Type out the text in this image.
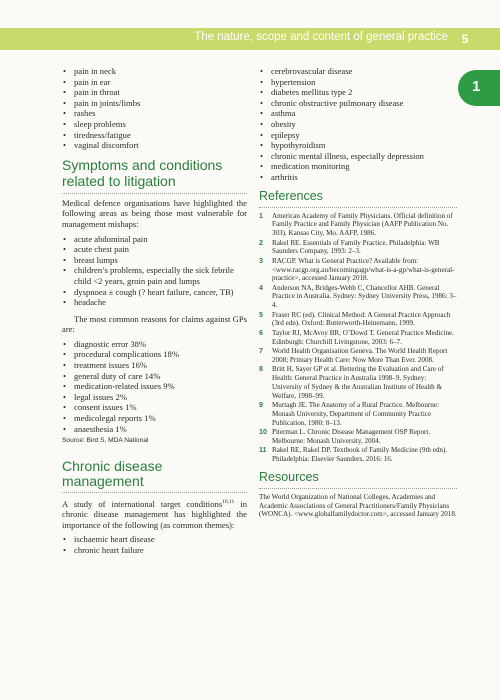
The nature, scope and content of general practice	5
1
• pain in neck
• pain in ear
• pain in throat
• pain in joints/limbs
• rashes
• sleep problems
• tiredness/fatigue
• vaginal discomfort
Symptoms and conditions
related to litigation

Medical defence organisations have highlighted the following areas as being those most vulnerable for management mishaps:

• acute abdominal pain
• acute chest pain
• breast lumps
• children’s problems, especially the sick febrile child <2 years, groin pain and lumps
• dyspnoea ± cough (? heart failure, cancer, TB)
• headache

The most common reasons for claims against GPs are:

• diagnostic error 38%
• procedural complications 18%
• treatment issues 16%
• general duty of care 14%
• medication-related issues 9%
• legal issues 2%
• consent issues 1%
• medicolegal reports 1%
• anaesthesia 1%
Source: Bird S, MDA National
Chronic disease management

A study of international target conditions$^{10,11}$ in chronic disease management has highlighted the importance of the following (as common themes):

• ischaemic heart disease
• chronic heart failure
• cerebrovascular disease
• hypertension
• diabetes mellitus type 2
• chronic obstructive pulmonary disease
• asthma
• obesity
• epilepsy
• hypothyroidism
• chronic mental illness, especially depression
• medication monitoring
• arthritis
References
1	American Academy of Family Physicians. Official definition of Family Practice and Family Physician (AAFP Publication No. 303). Kansas City, Mo. AAFP, 1986.
2	Rakel RE. Essentials of Family Practice. Philadelphia: WB Saunders Company, 1993: 2–3.
3	RACGP. What is General Practice? Available from: <www.racgp.org.au/becomingagp/what-is-a-gp/what-is-general-practice>, accessed January 2018.
4	Anderson NA, Bridges-Webb C, Chancellor AHB. General Practice in Australia. Sydney: Sydney University Press, 1986: 3–4.
5	Fraser RC (ed). Clinical Method: A General Practice Approach (3rd edn). Oxford: Butterworth-Heinemann, 1999.
6	Taylor RJ, McAvoy BR, O’Dowd T. General Practice Medicine. Edinburgh: Churchill Livingstone, 2003: 6–7.
7	World Health Organisation Geneva. The World Health Report 2008; Primary Health Care: Now More Than Ever. 2008.
8	Britt H, Sayer GP et al. Bettering the Evaluation and Care of Health: General Practice in Australia 1998–9. Sydney: University of Sydney & the Australian Institute of Health & Welfare, 1998–99.
9	Murtagh JE. The Anatomy of a Rural Practice. Melbourne: Monash University, Department of Community Practice Publication, 1980: 8–13.
10 Piterman L. Chronic Disease Management OSP Report. Melbourne: Monash University, 2004.
11 Rakel RE, Rakel DP. Textbook of Family Medicine (9th edn). Philadelphia: Elsevier Saunders, 2016: 16.
Resources
The World Organization of National Colleges, Academies and Academic Associations of General Practitioners/Family Physicians (WONCA). <www.globalfamilydoctor.com>, accessed January 2018.
